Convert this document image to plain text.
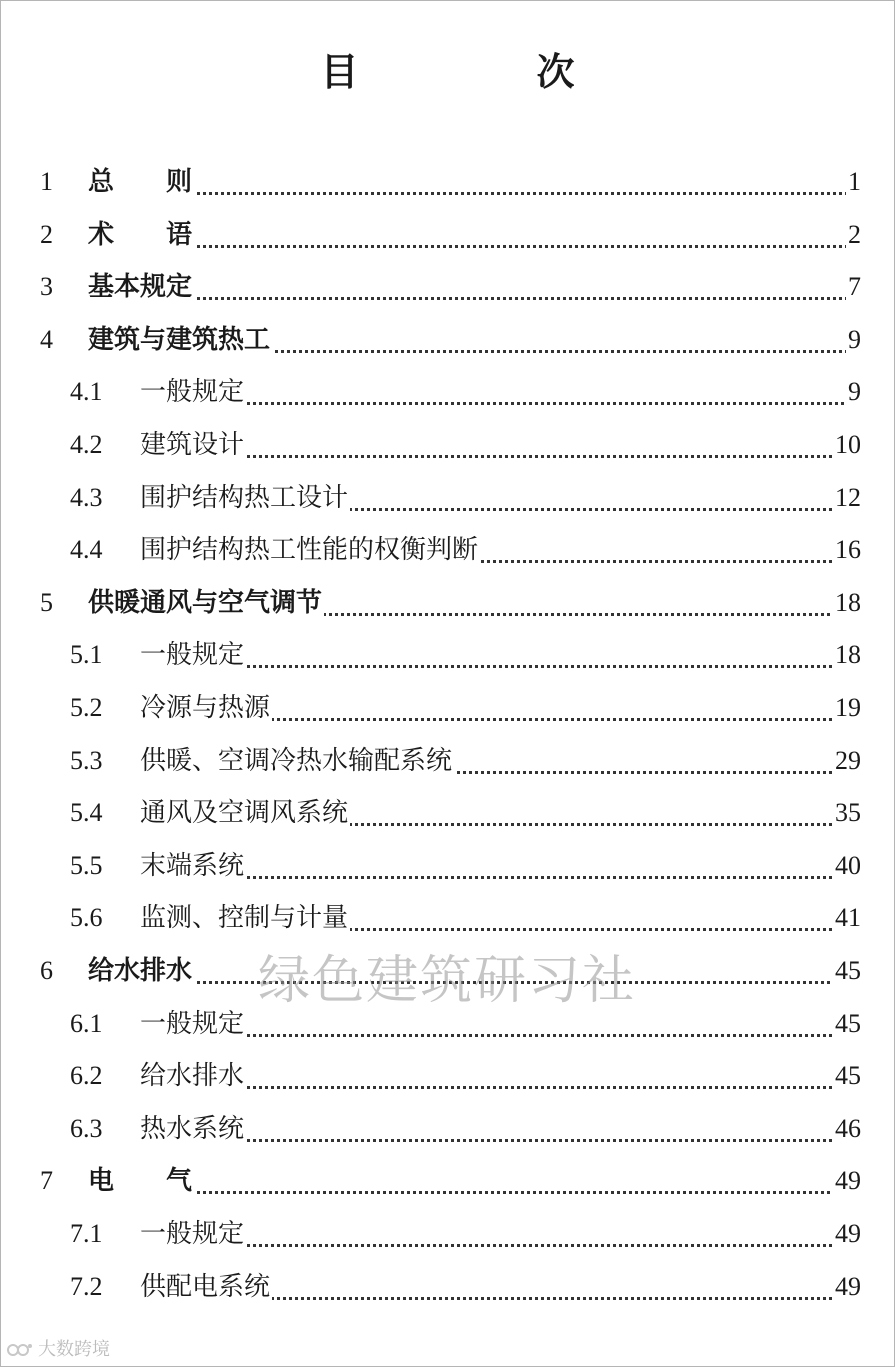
目　次
1 总　　则	1
2 术　　语	2
3 基本规定	7
4 建筑与建筑热工	9
4.1 一般规定	9
4.2 建筑设计	10
4.3 围护结构热工设计	12
4.4 围护结构热工性能的权衡判断	16
5 供暖通风与空气调节	18
5.1 一般规定	18
5.2 冷源与热源	19
5.3 供暖、空调冷热水输配系统	29
5.4 通风及空调风系统	35
5.5 末端系统	40
5.6 监测、控制与计量	41
6 给水排水	45
6.1 一般规定	45
6.2 给水排水	45
6.3 热水系统	46
7 电　　气	49
7.1 一般规定	49
7.2 供配电系统	49
绿色建筑研习社
大数跨境
